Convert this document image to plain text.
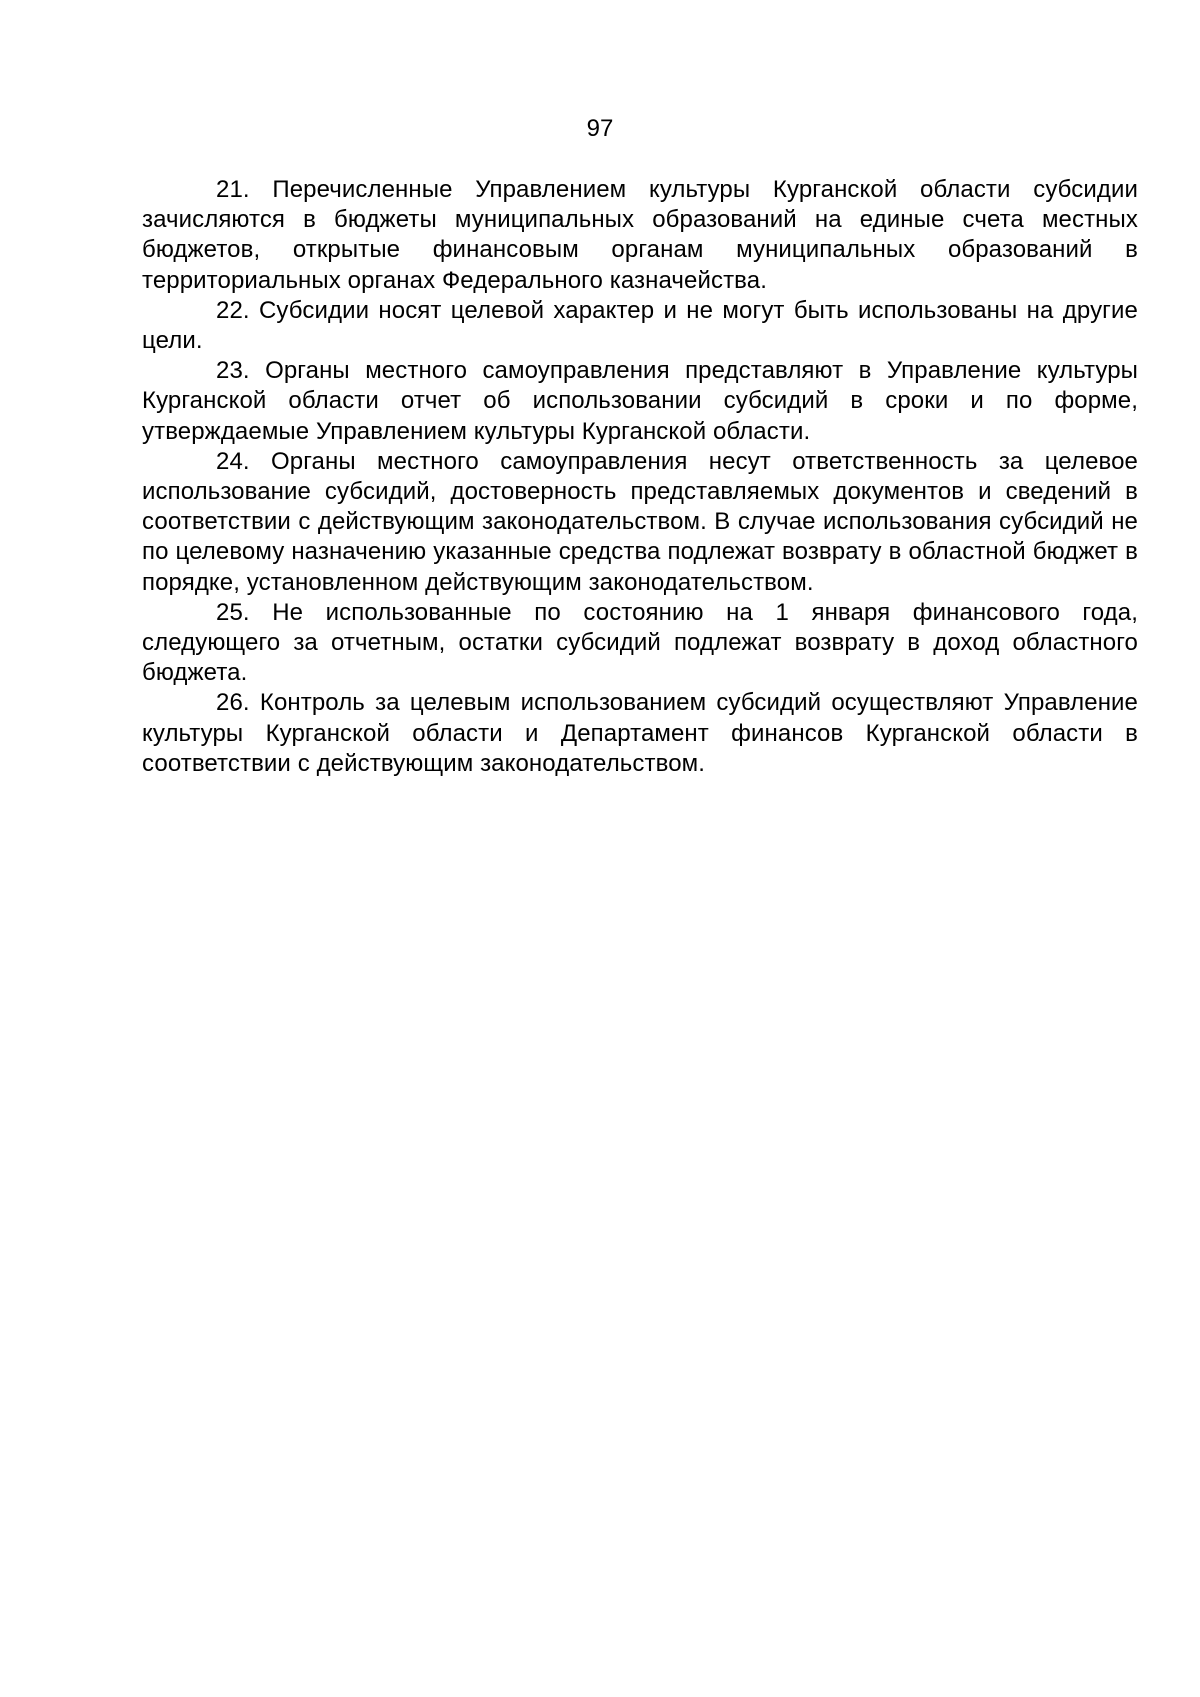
97

21. Перечисленные Управлением культуры Курганской области субсидии зачисляются в бюджеты муниципальных образований на единые счета местных бюджетов, открытые финансовым органам муниципальных образований в территориальных органах Федерального казначейства.

22. Субсидии носят целевой характер и не могут быть использованы на другие цели.

23. Органы местного самоуправления представляют в Управление культуры Курганской области отчет об использовании субсидий в сроки и по форме, утверждаемые Управлением культуры Курганской области.

24. Органы местного самоуправления несут ответственность за целевое использование субсидий, достоверность представляемых документов и сведений в соответствии с действующим законодательством. В случае использования субсидий не по целевому назначению указанные средства подлежат возврату в областной бюджет в порядке, установленном действующим законодательством.

25. Не использованные по состоянию на 1 января финансового года, следующего за отчетным, остатки субсидий подлежат возврату в доход областного бюджета.

26. Контроль за целевым использованием субсидий осуществляют Управление культуры Курганской области и Департамент финансов Курганской области в соответствии с действующим законодательством.
